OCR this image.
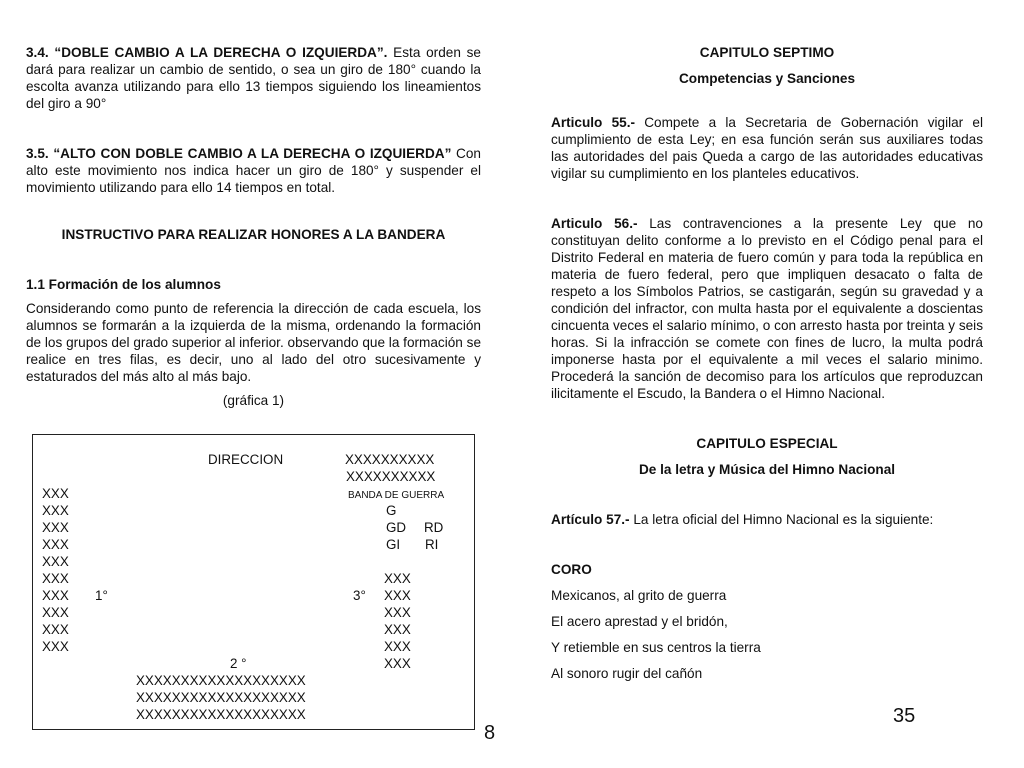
3.4. “DOBLE CAMBIO A LA DERECHA O IZQUIERDA”. Esta orden se dará para realizar un cambio de sentido, o sea un giro de 180° cuando la escolta avanza utilizando para ello 13 tiempos siguiendo los lineamientos del giro a 90°

3.5. “ALTO CON DOBLE CAMBIO A LA DERECHA O IZQUIERDA” Con alto este movimiento nos indica hacer un giro de 180° y suspender el movimiento utilizando para ello 14 tiempos en total.

INSTRUCTIVO PARA REALIZAR HONORES A LA BANDERA

1.1 Formación de los alumnos

Considerando como punto de referencia la dirección de cada escuela, los alumnos se formarán a la izquierda de la misma, ordenando la formación de los grupos del grado superior al inferior. observando que la formación se realice en tres filas, es decir, uno al lado del otro sucesivamente y estaturados del más alto al más bajo.

(gráfica 1)

DIRECCION	XXXXXXXXXX
XXXXXXXXXX
BANDA DE GUERRA
G
GD RD
GI RI
XXX
XXX
XXX
XXX
XXX
XXX
XXX
XXX
XXX
XXX
1°
XXX
XXX
XXX
XXX
XXX
XXX
3°
2 °
XXXXXXXXXXXXXXXXXXX
XXXXXXXXXXXXXXXXXXX
XXXXXXXXXXXXXXXXXXX
8

CAPITULO SEPTIMO

Competencias y Sanciones

Articulo 55.- Compete a la Secretaria de Gobernación vigilar el cumplimiento de esta Ley; en esa función serán sus auxiliares todas las autoridades del pais Queda a cargo de las autoridades educativas vigilar su cumplimiento en los planteles educativos.

Articulo 56.- Las contravenciones a la presente Ley que no constituyan delito conforme a lo previsto en el Código penal para el Distrito Federal en materia de fuero común y para toda la república en materia de fuero federal, pero que impliquen desacato o falta de respeto a los Símbolos Patrios, se castigarán, según su gravedad y a condición del infractor, con multa hasta por el equivalente a doscientas cincuenta veces el salario mínimo, o con arresto hasta por treinta y seis horas. Si la infracción se comete con fines de lucro, la multa podrá imponerse hasta por el equivalente a mil veces el salario minimo. Procederá la sanción de decomiso para los artículos que reproduzcan ilicitamente el Escudo, la Bandera o el Himno Nacional.

CAPITULO ESPECIAL

De la letra y Música del Himno Nacional

Artículo 57.- La letra oficial del Himno Nacional es la siguiente:

CORO

Mexicanos, al grito de guerra

El acero aprestad y el bridón,

Y retiemble en sus centros la tierra

Al sonoro rugir del cañón

35
